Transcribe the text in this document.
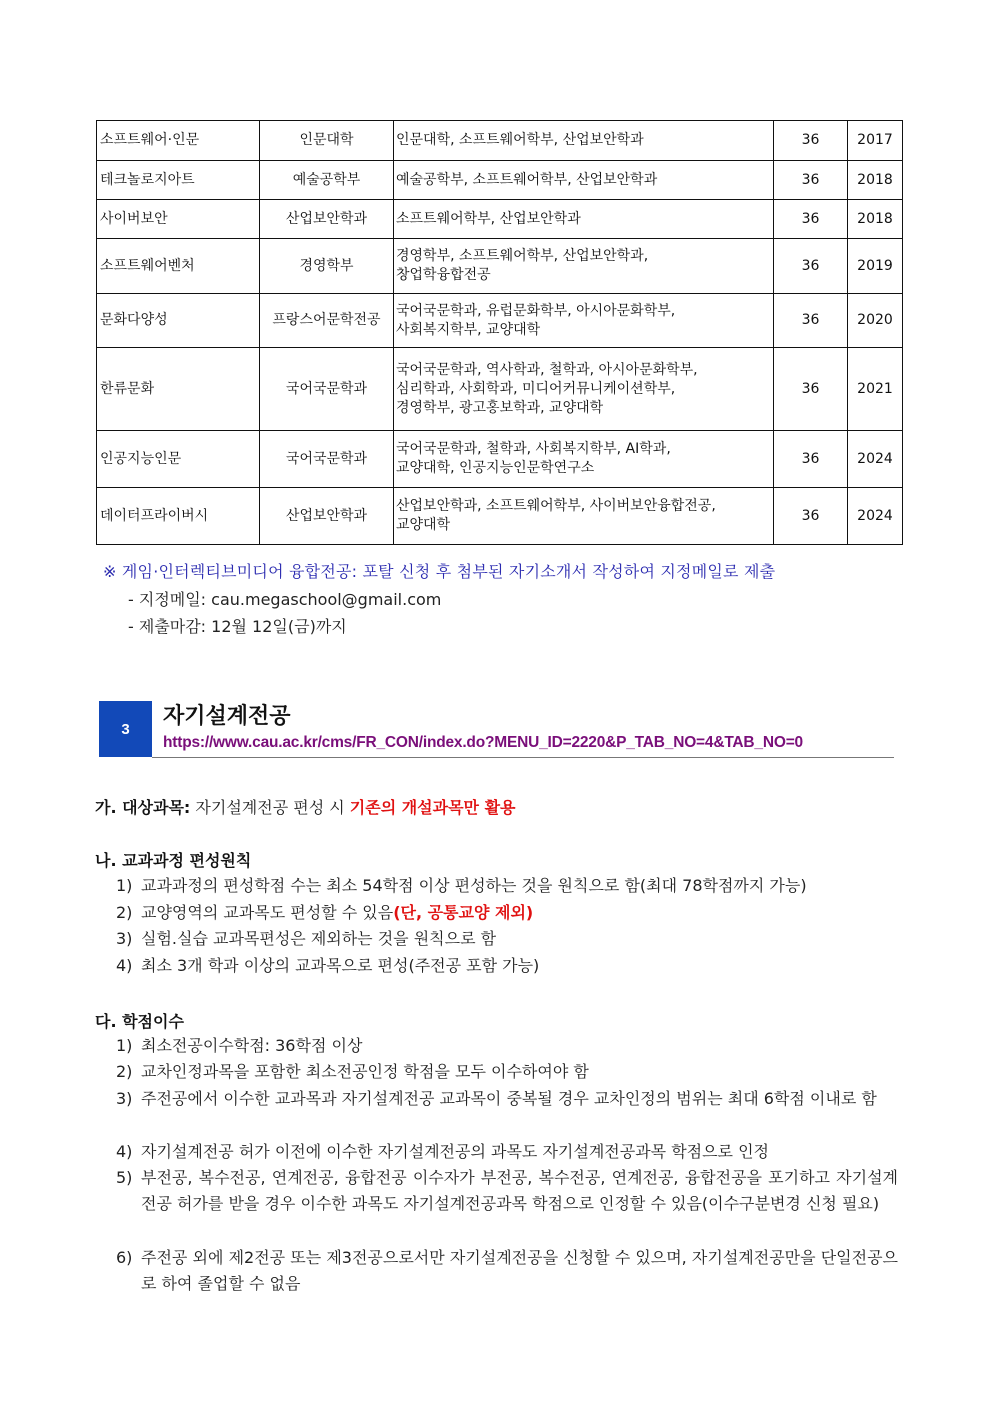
소프트웨어·인문	인문대학	인문대학, 소프트웨어학부, 산업보안학과	36	2017
테크놀로지아트	예술공학부	예술공학부, 소프트웨어학부, 산업보안학과	36	2018
사이버보안	산업보안학과	소프트웨어학부, 산업보안학과	36	2018
소프트웨어벤처	경영학부	경영학부, 소프트웨어학부, 산업보안학과,
창업학융합전공	36	2019
문화다양성	프랑스어문학전공	국어국문학과, 유럽문화학부, 아시아문화학부,
사회복지학부, 교양대학	36	2020
한류문화	국어국문학과	국어국문학과, 역사학과, 철학과, 아시아문화학부,
심리학과, 사회학과, 미디어커뮤니케이션학부,
경영학부, 광고홍보학과, 교양대학	36	2021
인공지능인문	국어국문학과	국어국문학과, 철학과, 사회복지학부, AI학과,
교양대학, 인공지능인문학연구소	36	2024
데이터프라이버시	산업보안학과	산업보안학과, 소프트웨어학부, 사이버보안융합전공,
교양대학	36	2024
※ 게임·인터렉티브미디어 융합전공: 포탈 신청 후 첨부된 자기소개서 작성하여 지정메일로 제출
- 지정메일: cau.megaschool@gmail.com
- 제출마감: 12월 12일(금)까지
3	자기설계전공
https://www.cau.ac.kr/cms/FR_CON/index.do?MENU_ID=2220&P_TAB_NO=4&TAB_NO=0
가. 대상과목: 자기설계전공 편성 시 기존의 개설과목만 활용
나. 교과과정 편성원칙
1) 교과과정의 편성학점 수는 최소 54학점 이상 편성하는 것을 원칙으로 함(최대 78학점까지 가능)
2) 교양영역의 교과목도 편성할 수 있음(단, 공통교양 제외)
3) 실험.실습 교과목편성은 제외하는 것을 원칙으로 함
4) 최소 3개 학과 이상의 교과목으로 편성(주전공 포함 가능)
다. 학점이수
1) 최소전공이수학점: 36학점 이상
2) 교차인정과목을 포함한 최소전공인정 학점을 모두 이수하여야 함
3) 주전공에서 이수한 교과목과 자기설계전공 교과목이 중복될 경우 교차인정의 범위는 최대 6학점 이내로 함
4) 자기설계전공 허가 이전에 이수한 자기설계전공의 과목도 자기설계전공과목 학점으로 인정
5) 부전공, 복수전공, 연계전공, 융합전공 이수자가 부전공, 복수전공, 연계전공, 융합전공을 포기하고 자기설계전공 허가를 받을 경우 이수한 과목도 자기설계전공과목 학점으로 인정할 수 있음(이수구분변경 신청 필요)
6) 주전공 외에 제2전공 또는 제3전공으로서만 자기설계전공을 신청할 수 있으며, 자기설계전공만을 단일전공으로 하여 졸업할 수 없음
